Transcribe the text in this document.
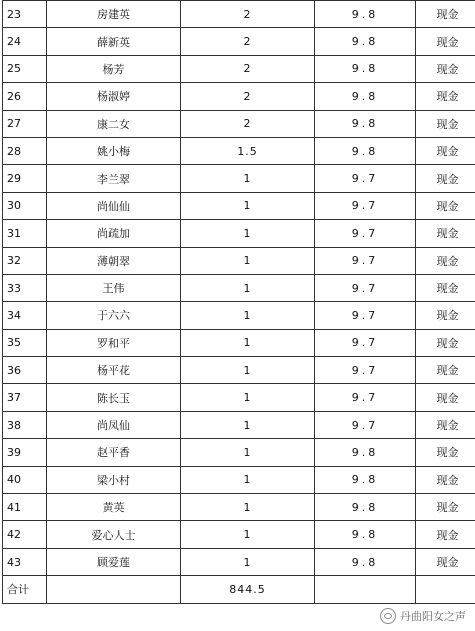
23	房建英	2	9.8	现金
24	薛新英	2	9.8	现金
25	杨芳	2	9.8	现金
26	杨淑婷	2	9.8	现金
27	康二女	2	9.8	现金
28	姚小梅	1.5	9.8	现金
29	李兰翠	1	9.7	现金
30	尚仙仙	1	9.7	现金
31	尚疏加	1	9.7	现金
32	薄朝翠	1	9.7	现金
33	王伟	1	9.7	现金
34	于六六	1	9.7	现金
35	罗和平	1	9.7	现金
36	杨平花	1	9.7	现金
37	陈长玉	1	9.7	现金
38	尚凤仙	1	9.7	现金
39	赵平香	1	9.8	现金
40	梁小村	1	9.8	现金
41	黄英	1	9.8	现金
42	爱心人士	1	9.8	现金
43	顾爱莲	1	9.8	现金
合计		844.5		
丹曲阳女之声
